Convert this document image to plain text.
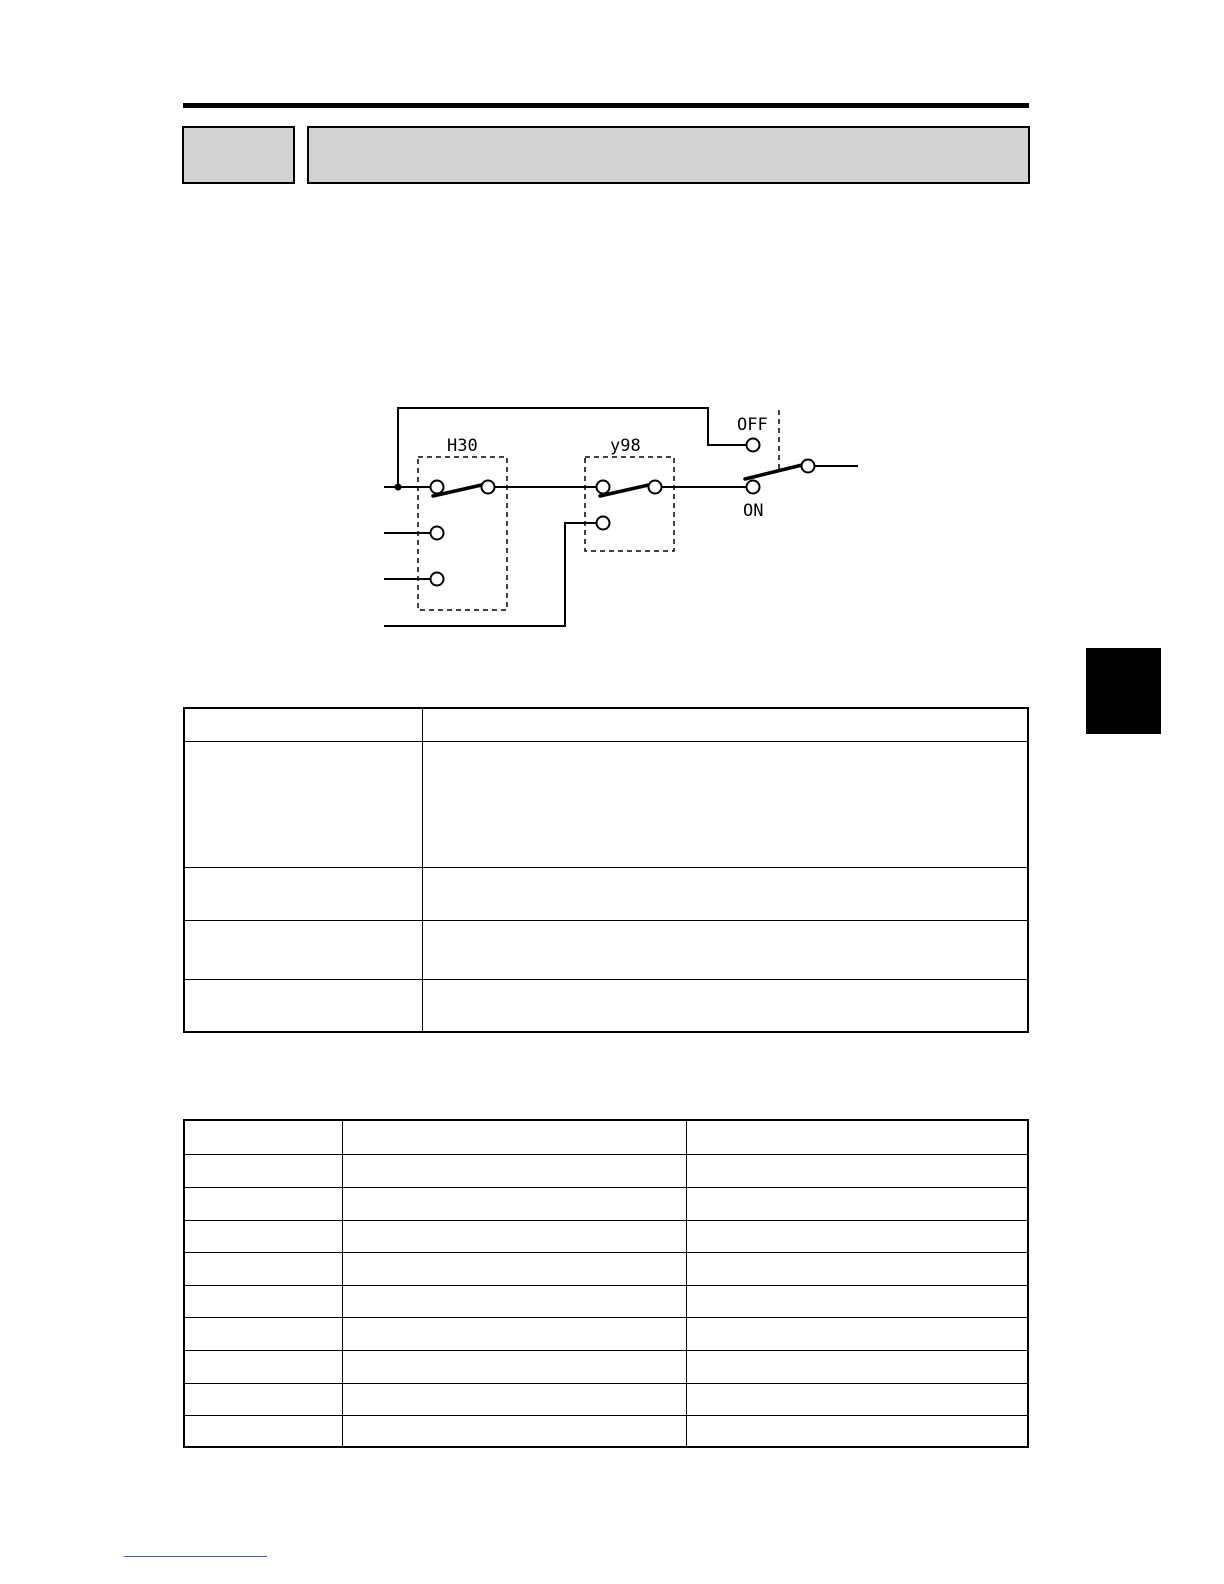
H30	y98
OFF
ON
